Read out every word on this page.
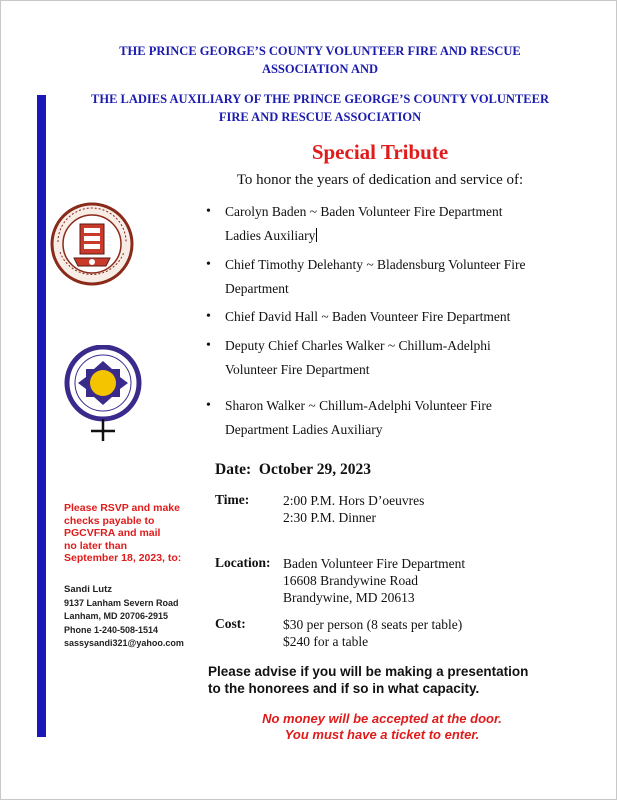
THE PRINCE GEORGE’S COUNTY VOLUNTEER FIRE AND RESCUE
ASSOCIATION AND
THE LADIES AUXILIARY OF THE PRINCE GEORGE’S COUNTY VOLUNTEER
FIRE AND RESCUE ASSOCIATION
Special Tribute
To honor the years of dedication and service of:
• Carolyn Baden ~ Baden Volunteer Fire Department
Ladies Auxiliary
• Chief Timothy Delehanty ~ Bladensburg Volunteer Fire
Department
• Chief David Hall ~ Baden Vounteer Fire Department
• Deputy Chief Charles Walker ~ Chillum-Adelphi
Volunteer Fire Department
• Sharon Walker ~ Chillum-Adelphi Volunteer Fire
Department Ladies Auxiliary
Date: October 29, 2023
Time:	2:00 P.M. Hors D’oeuvres
2:30 P.M. Dinner
Location: Baden Volunteer Fire Department
16608 Brandywine Road
Brandywine, MD 20613
Cost:	$30 per person (8 seats per table)
$240 for a table
Please RSVP and make
checks payable to
PGCVFRA and mail
no later than
September 18, 2023, to:
Sandi Lutz
9137 Lanham Severn Road
Lanham, MD 20706-2915
Phone 1-240-508-1514
sassysandi321@yahoo.com
Please advise if you will be making a presentation
to the honorees and if so in what capacity.
No money will be accepted at the door.
You must have a ticket to enter.
